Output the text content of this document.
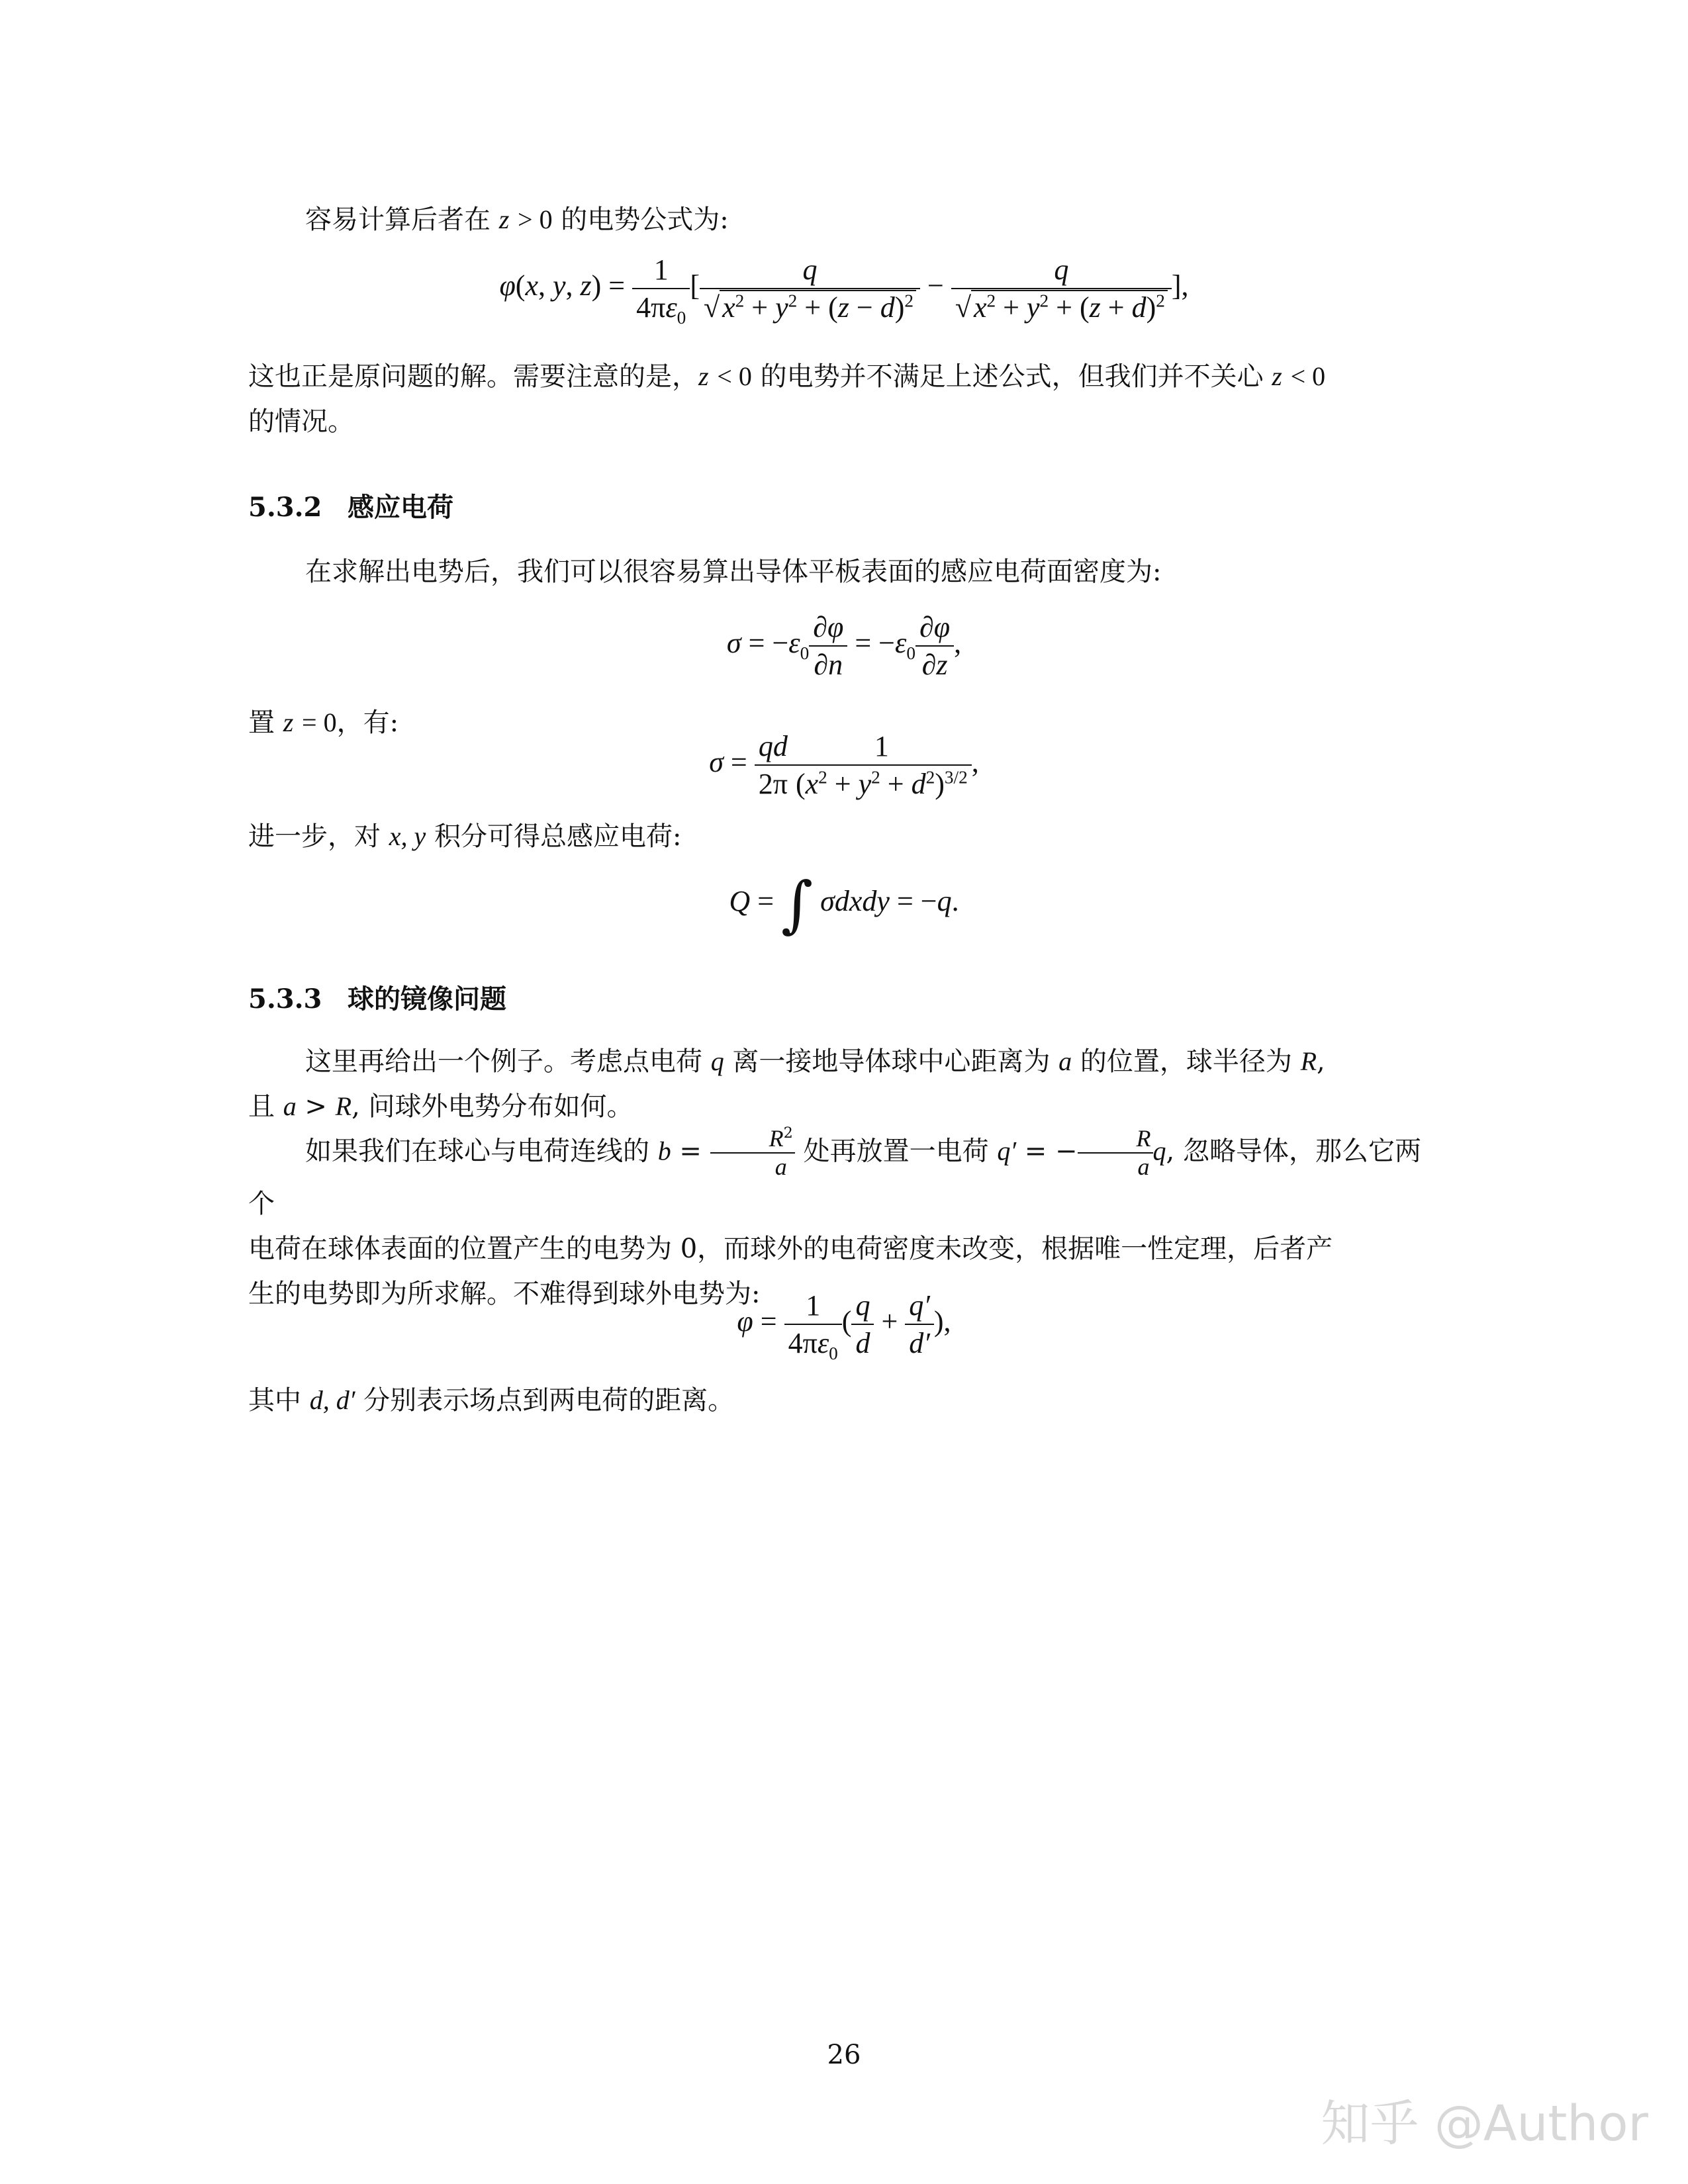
容易计算后者在 z > 0 的电势公式为:
φ(x, y, $z) = \frac{1}{4\pi\varepsilon_0}$ [ $\frac{q}{√x^2 + y^2 + (z - d)^2} - \frac{q}{√x^2 + y^2 + (z + d)^2}$ ],
这也正是原问题的解。需要注意的是，z < 0 的电势并不满足上述公式，但我们并不关心 z < 0
的情况。
5.3.2 感应电荷
在求解出电势后，我们可以很容易算出导体平板表面的感应电荷面密度为:
$\sigma = -\varepsilon_0 \frac{\partial\varphi}{\partial n} = -\varepsilon_0 \frac{\partial\varphi}{\partial z}$ ,
置 z = 0，有:
$\sigma = \frac{qd}{2\pi} \frac{1}{(x^2 + y^2 + d^2)^{3/2}}$ ,
进一步，对 x, y 积分可得总感应电荷:
Q = ∫ σdxdy = −q.
5.3.3 球的镜像问题
这里再给出一个例子。考虑点电荷 q 离一接地导体球中心距离为 a 的位置，球半径为 R,
且 a > R, 问球外电势分布如何。
如果我们在球心与电荷连线的 $b = \frac{R^2}{a}$ 处再放置一电荷 q′ = − $\frac{R}{a} q$, 忽略导体，那么它两个
电荷在球体表面的位置产生的电势为 0，而球外的电荷密度未改变，根据唯一性定理，后者产
生的电势即为所求解。不难得到球外电势为:
$\varphi = \frac{1}{4\pi\varepsilon_0}$ ( $\frac{q}{d} + \frac{q'}{d'}$ ),
其中 d, d′ 分别表示场点到两电荷的距离。
26
知乎 @Author
